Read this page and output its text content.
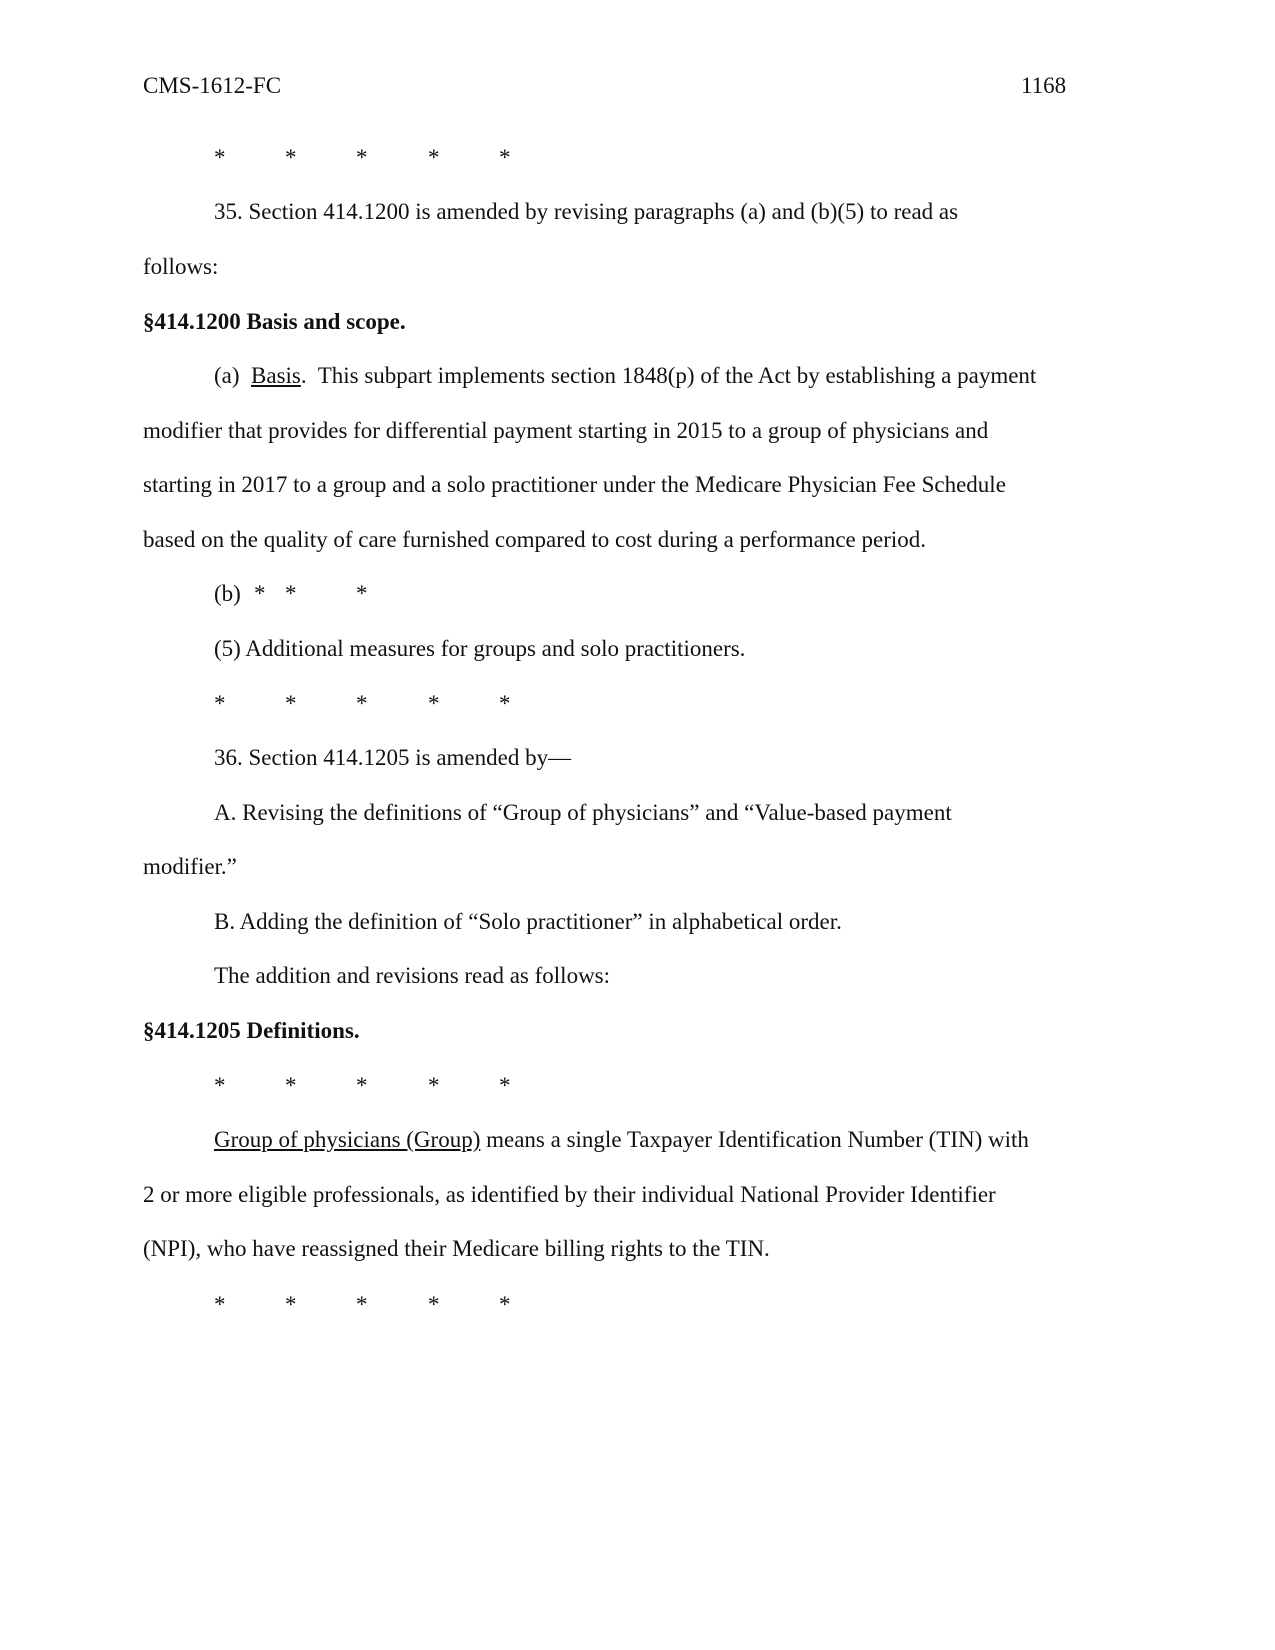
CMS-1612-FC	1168
*	*	*	*	*
35. Section 414.1200 is amended by revising paragraphs (a) and (b)(5) to read as
follows:
§414.1200 Basis and scope.
(a)  Basis.  This subpart implements section 1848(p) of the Act by establishing a payment
modifier that provides for differential payment starting in 2015 to a group of physicians and
starting in 2017 to a group and a solo practitioner under the Medicare Physician Fee Schedule
based on the quality of care furnished compared to cost during a performance period.
(b) * *	*
(5) Additional measures for groups and solo practitioners.
*	*	*	*	*
36. Section 414.1205 is amended by—
A. Revising the definitions of “Group of physicians” and “Value-based payment
modifier.”
B. Adding the definition of “Solo practitioner” in alphabetical order.
The addition and revisions read as follows:
§414.1205 Definitions.
*	*	*	*	*
Group of physicians (Group) means a single Taxpayer Identification Number (TIN) with
2 or more eligible professionals, as identified by their individual National Provider Identifier
(NPI), who have reassigned their Medicare billing rights to the TIN.
*	*	*	*	*
